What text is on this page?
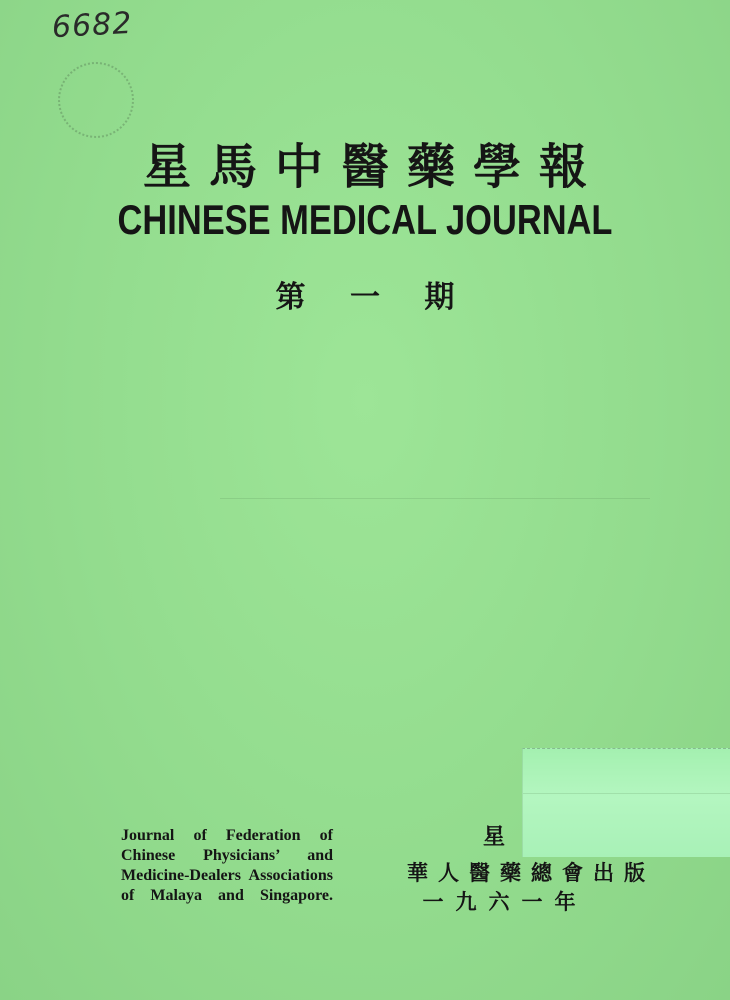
6682
星馬中醫藥學報
CHINESE MEDICAL JOURNAL
第 一 期
Journal of Federation of
Chinese Physicians’ and
Medicine-Dealers Associations
of Malaya and Singapore.
星
華人醫藥總會出版
一九六一年
